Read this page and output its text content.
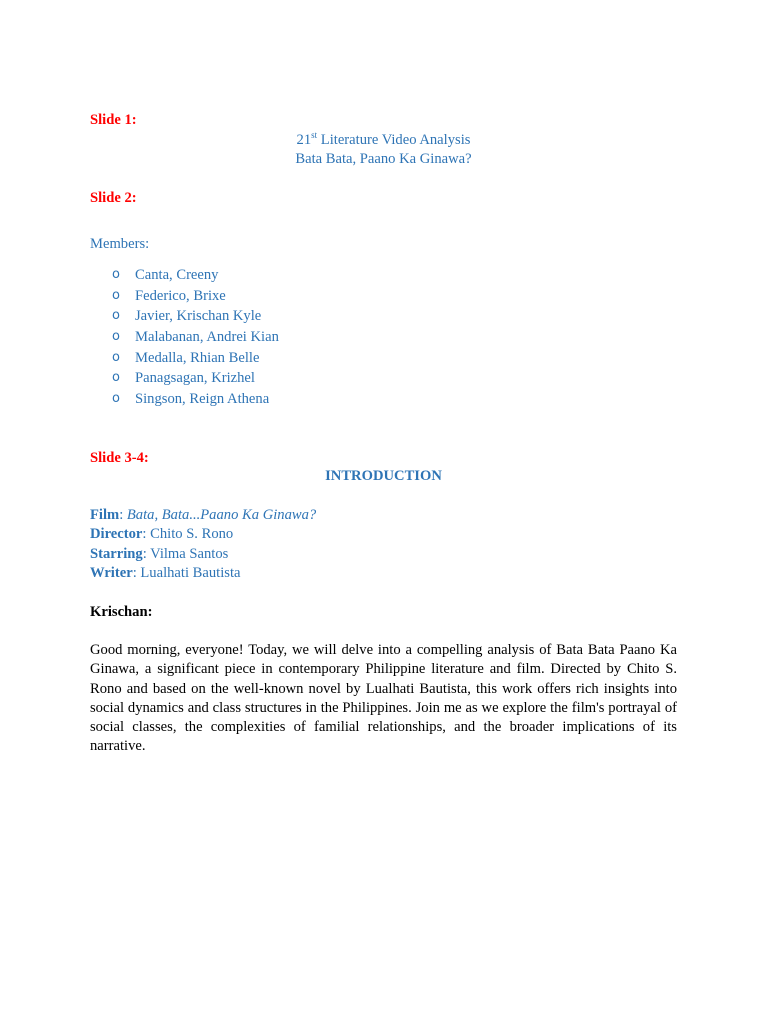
Slide 1:
21st Literature Video Analysis
Bata Bata, Paano Ka Ginawa?
Slide 2:
Members:
o Canta, Creeny
o Federico, Brixe
o Javier, Krischan Kyle
o Malabanan, Andrei Kian
o Medalla, Rhian Belle
o Panagsagan, Krizhel
o Singson, Reign Athena
Slide 3-4:
INTRODUCTION
Film: Bata, Bata...Paano Ka Ginawa?
Director: Chito S. Rono
Starring: Vilma Santos
Writer: Lualhati Bautista
Krischan:
Good morning, everyone! Today, we will delve into a compelling analysis of Bata Bata Paano Ka Ginawa, a significant piece in contemporary Philippine literature and film. Directed by Chito S. Rono and based on the well-known novel by Lualhati Bautista, this work offers rich insights into social dynamics and class structures in the Philippines. Join me as we explore the film's portrayal of social classes, the complexities of familial relationships, and the broader implications of its narrative.
